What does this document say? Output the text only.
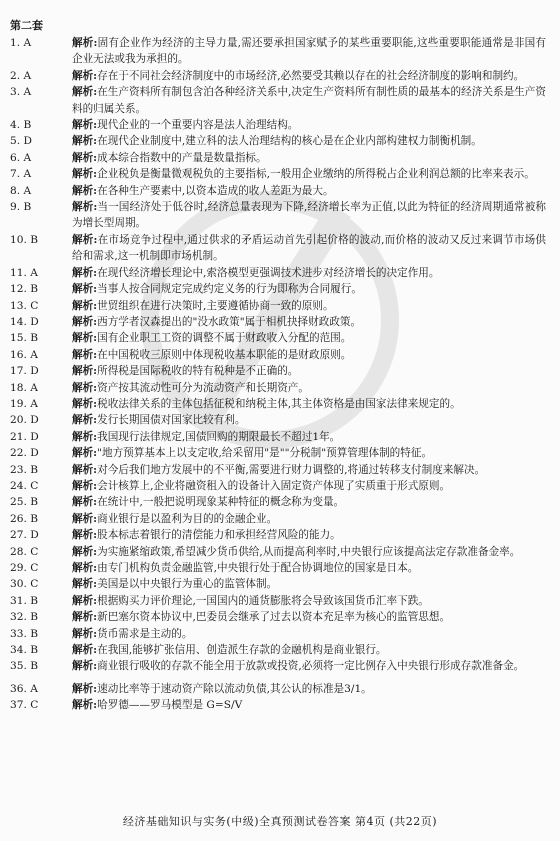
第二套
1. A	解析:固有企业作为经济的主导力量,需还要承担国家赋予的某些重要职能,这些重要职能通常是非国有企业无法或我为承担的。
2. A	解析:存在于不同社会经济制度中的市场经济,必然要受其赖以存在的社会经济制度的影响和制约。
3. A	解析:在生产资料所有制包含泊各种经济关系中,决定生产资料所有制性质的最基本的经济关系是生产资料的归属关系。
4. B	解析:现代企业的一个重要内容是法人治理结构。
5. D	解析:在现代企业制度中,建立科的法人治理结构的核心是在企业内部构建权力制衡机制。
6. A	解析:成本综合指数中的产量是数量指标。
7. A	解析:企业税负是衡量微观税负的主要指标,一般用企业缴纳的所得税占企业利润总额的比率来表示。
8. A	解析:在各种生产要素中,以资本造成的收人差距为最大。
9. B	解析:当一国经济处于低谷时,经济总量表现为下降,经济增长率为正值,以此为特征的经济周期通常被称为增长型周期。
10. B	解析:在市场竞争过程中,通过供求的矛盾运动首先引起价格的波动,而价格的波动又反过来调节市场供给和需求,这一机制即市场机制。
11. A	解析:在现代经济增长理论中,索洛模型更强调技术进步对经济增长的决定作用。
12. B	解析:当事人按合同规定完成约定义务的行为即称为合同履行。
13. C	解析:世贸组织在进行决策时,主要遵循协商一致的原则。
14. D	解析:西方学者汉森提出的"没水政策"属于相机抉择财政政策。
15. B	解析:国有企业职工工资的调整不属于财政收入分配的范围。
16. A	解析:在中国税收三原则中体现税收基本职能的是财政原则。
17. D	解析:所得税是国际税收的特有税种是不正确的。
18. A	解析:资产按其流动性可分为流动资产和长期资产。
19. A	解析:税收法律关系的主体包括征税和纳税主体,其主体资格是由国家法律来规定的。
20. D	解析:发行长期国债对国家比较有利。
21. D	解析:我国现行法律规定,国债回购的期限最长不超过1年。
22. D	解析:"地方预算基本上以支定收,给采留用"是""分税制"预算管理体制的特征。
23. B	解析:对今后我们地方发展中的不平衡,需要进行财力调整的,将通过转移支付制度来解决。
24. C	解析:会计核算上,企业将融资租入的设备计入固定资产体现了实质重于形式原则。
25. B	解析:在统计中,一般把说明现象某种特征的概念称为变量。
26. B	解析:商业银行是以盈利为目的的金融企业。
27. D	解析:股本标志着银行的清偿能力和承担经营风险的能力。
28. C	解析:为实施紧缩政策,希望减少货币供给,从而提高利率时,中央银行应该提高法定存款准备金率。
29. C	解析:由专门机构负责金融监管,中央银行处于配合协调地位的国家是日本。
30. C	解析:美国是以中央银行为重心的监管体制。
31. B	解析:根据购买力评价理论,一国国内的通货膨胀将会导致该国货币汇率下跌。
32. B	解析:新巴塞尔资本协议中,巴委员会继承了过去以资本充足率为核心的监管思想。
33. B	解析:货币需求是主动的。
34. B	解析:在我国,能够扩张信用、创造派生存款的金融机构是商业银行。
35. B	解析:商业银行吸收的存款不能全用于放款或投资,必须将一定比例存入中央银行形成存款准备金。
36. A	解析:速动比率等于速动资产除以流动负债,其公认的标准是3/1。
37. C	解析:哈罗德——罗马模型是 G=S/V
经济基础知识与实务(中级)全真预测试卷答案 第4页 (共22页)
